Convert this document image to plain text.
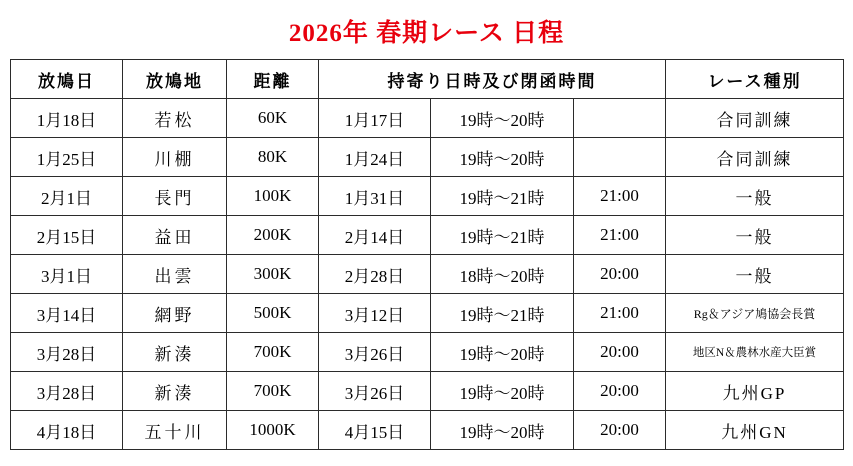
2026年 春期レース 日程
放鳩日	放鳩地	距離	持寄り日時及び閉函時間			レース種別
1月18日	若松	60K	1月17日	19時～20時		合同訓練
1月25日	川棚	80K	1月24日	19時～20時		合同訓練
2月1日	長門	100K	1月31日	19時～21時	21:00	一般
2月15日	益田	200K	2月14日	19時～21時	21:00	一般
3月1日	出雲	300K	2月28日	18時～20時	20:00	一般
3月14日	網野	500K	3月12日	19時～21時	21:00	Rg＆アジア鳩協会長賞
3月28日	新湊	700K	3月26日	19時～20時	20:00	地区N＆農林水産大臣賞
3月28日	新湊	700K	3月26日	19時～20時	20:00	九州GP
4月18日	五十川	1000K	4月15日	19時～20時	20:00	九州GN
